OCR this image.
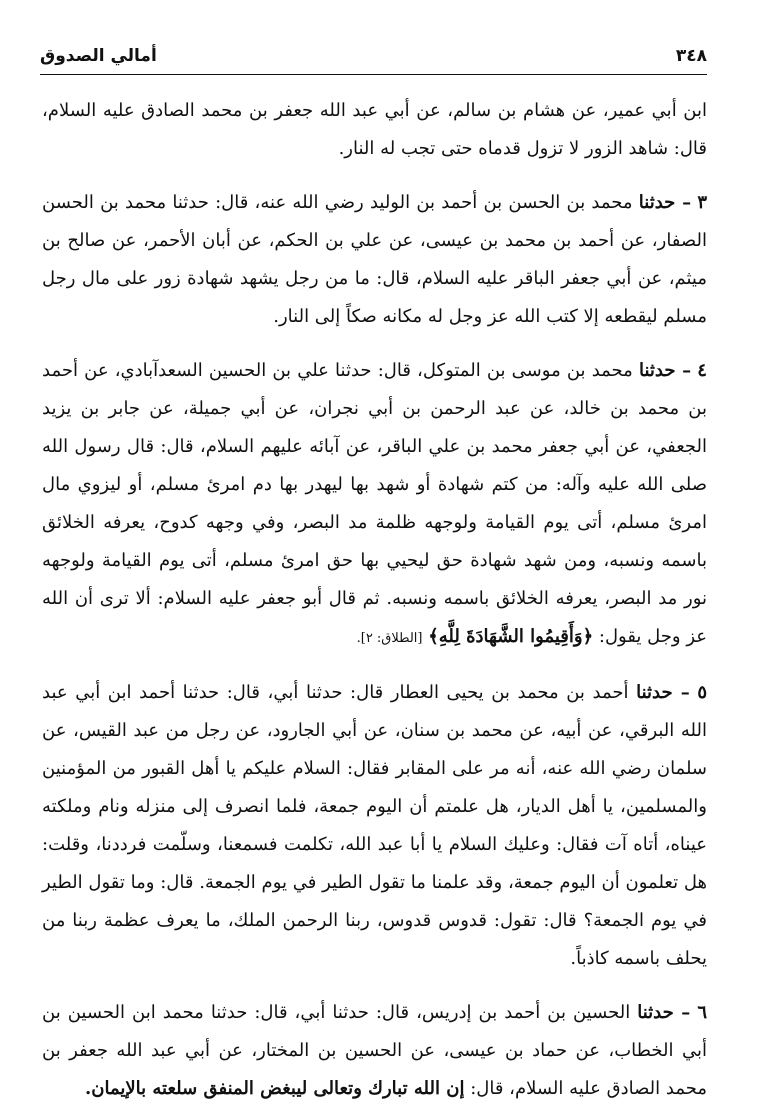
أمالي الصدوق	٣٤٨

ابن أبي عمير، عن هشام بن سالم، عن أبي عبد الله جعفر بن محمد الصادق عليه السلام، قال: شاهد الزور لا تزول قدماه حتى تجب له النار.

٣ – حدثنا محمد بن الحسن بن أحمد بن الوليد رضي الله عنه، قال: حدثنا محمد بن الحسن الصفار، عن أحمد بن محمد بن عيسى، عن علي بن الحكم، عن أبان الأحمر، عن صالح بن ميثم، عن أبي جعفر الباقر عليه السلام، قال: ما من رجل يشهد شهادة زور على مال رجل مسلم ليقطعه إلا كتب الله عز وجل له مكانه صكاً إلى النار.

٤ – حدثنا محمد بن موسى بن المتوكل، قال: حدثنا علي بن الحسين السعدآبادي، عن أحمد بن محمد بن خالد، عن عبد الرحمن بن أبي نجران، عن أبي جميلة، عن جابر بن يزيد الجعفي، عن أبي جعفر محمد بن علي الباقر، عن آبائه عليهم السلام، قال: قال رسول الله صلى الله عليه وآله: من كتم شهادة أو شهد بها ليهدر بها دم امرئ مسلم، أو ليزوي مال امرئ مسلم، أتى يوم القيامة ولوجهه ظلمة مد البصر، وفي وجهه كدوح، يعرفه الخلائق باسمه ونسبه، ومن شهد شهادة حق ليحيي بها حق امرئ مسلم، أتى يوم القيامة ولوجهه نور مد البصر، يعرفه الخلائق باسمه ونسبه. ثم قال أبو جعفر عليه السلام: ألا ترى أن الله عز وجل يقول: ﴿وَأَقِيمُوا الشَّهَادَةَ لِلَّهِ﴾ [الطلاق: ٢].

٥ – حدثنا أحمد بن محمد بن يحيى العطار قال: حدثنا أبي، قال: حدثنا أحمد ابن أبي عبد الله البرقي، عن أبيه، عن محمد بن سنان، عن أبي الجارود، عن رجل من عبد القيس، عن سلمان رضي الله عنه، أنه مر على المقابر فقال: السلام عليكم يا أهل القبور من المؤمنين والمسلمين، يا أهل الديار، هل علمتم أن اليوم جمعة، فلما انصرف إلى منزله ونام وملكته عيناه، أتاه آت فقال: وعليك السلام يا أبا عبد الله، تكلمت فسمعنا، وسلّمت فرددنا، وقلت: هل تعلمون أن اليوم جمعة، وقد علمنا ما تقول الطير في يوم الجمعة. قال: وما تقول الطير في يوم الجمعة؟ قال: تقول: قدوس قدوس، ربنا الرحمن الملك، ما يعرف عظمة ربنا من يحلف باسمه كاذباً.

٦ – حدثنا الحسين بن أحمد بن إدريس، قال: حدثنا أبي، قال: حدثنا محمد ابن الحسين بن أبي الخطاب، عن حماد بن عيسى، عن الحسين بن المختار، عن أبي عبد الله جعفر بن محمد الصادق عليه السلام، قال: إن الله تبارك وتعالى ليبغض المنفق سلعته بالإيمان.
